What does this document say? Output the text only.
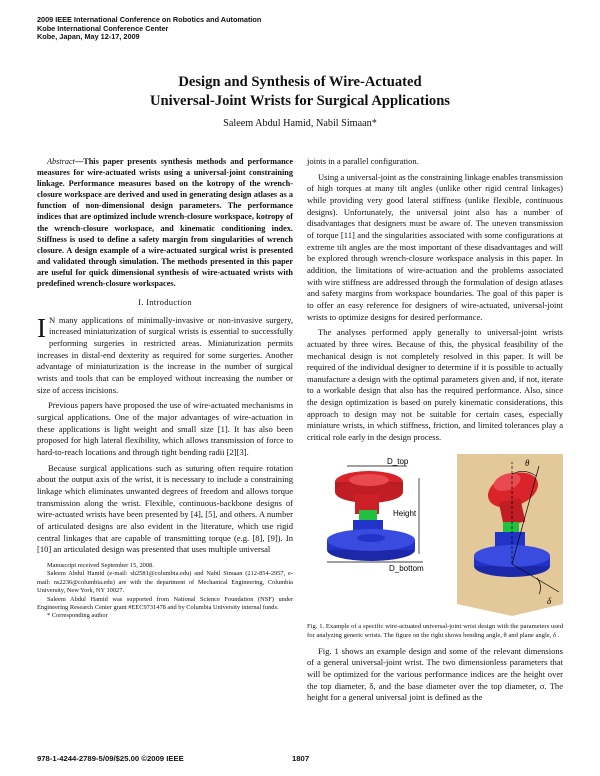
2009 IEEE International Conference on Robotics and Automation
Kobe International Conference Center
Kobe, Japan, May 12-17, 2009
Design and Synthesis of Wire-Actuated
Universal-Joint Wrists for Surgical Applications
Saleem Abdul Hamid, Nabil Simaan*
Abstract—This paper presents synthesis methods and performance measures for wire-actuated wrists using a universal-joint constraining linkage. Performance measures based on the kotropy of the wrench-closure workspace are derived and used in generating design atlases as a function of non-dimensional design parameters. The performance indices that are optimized include wrench-closure workspace, kotropy of the wrench-closure workspace, and kinematic conditioning index. Stiffness is used to define a safety margin from singularities of wrench closure. A design example of a wire-actuated surgical wrist is presented and validated through simulation. The methods presented in this paper are useful for quick dimensional synthesis of wire-actuated wrists with predefined wrench-closure workspaces.
I. Introduction

I N many applications of minimally-invasive or non-invasive surgery, increased miniaturization of surgical wrists is essential to successfully performing surgeries in restricted areas. Miniaturization permits increases in distal-end dexterity as required for some surgeries. Another advantage of miniaturization is the increase in the number of surgical wrists and tools that can be employed without increasing the number or size of access incisions.

Previous papers have proposed the use of wire-actuated mechanisms in surgical applications. One of the major advantages of wire-actuation in these applications is light weight and small size [1]. It has also been proposed for high lateral flexibility, which allows transmission of force to hard-to-reach locations and through tight bending radii [2][3].

Because surgical applications such as suturing often require rotation about the output axis of the wrist, it is necessary to include a constraining linkage which eliminates unwanted degrees of freedom and allows torque transmission along the wrist. Flexible, continuous-backbone designs of wire-actuated wrists have been presented by [4], [5], and others. A number of articulated designs are also evident in the literature, which use rigid central linkages that are capable of transmitting torque (e.g. [8], [9]). In [10] an articulated design was presented that uses multiple universal

Manuscript received September 15, 2008.

Saleem Abdul Hamid (e-mail: sh2581@columbia.edu) and Nabil Simaan (212-854-2957, e-mail: ns2236@columbia.edu) are with the department of Mechanical Engineering, Columbia University, New York, NY 10027.

Saleem Abdul Hamid was supported from National Science Foundation (NSF) under Engineering Research Center grant #EEC9731478 and by Columbia University internal funds.

* Corresponding author

joints in a parallel configuration.

Using a universal-joint as the constraining linkage enables transmission of high torques at many tilt angles (unlike other rigid central linkages) while providing very good lateral stiffness (unlike flexible, continuous designs). Unfortunately, the universal joint also has a number of disadvantages that designers must be aware of. The uneven transmission of torque [11] and the singularities associated with some configurations at extreme tilt angles are the most important of these disadvantages and will be explored through wrench-closure workspace analysis in this paper. In addition, the limitations of wire-actuation and the problems associated with wire stiffness are addressed through the formulation of design atlases and safety margins from workspace boundaries. The goal of this paper is to offer an easy reference for designers of wire-actuated, universal-joint wrists to optimize designs for desired performance.

The analyses performed apply generally to universal-joint wrists actuated by three wires. Because of this, the physical feasibility of the mechanical design is not completely resolved in this paper. It will be required of the individual designer to determine if it is possible to actually manufacture a design with the optimal parameters given and, if not, iterate to a workable design that also has the required performance. Also, since the design optimization is based on purely kinematic considerations, this approach to design may not be suitable for certain cases, especially miniature wrists, in which stiffness, friction, and limited tolerances play a critical role early in the design process.

D_top
Height
D_bottom
θ
δ
Fig. 1. Example of a specific wire-actuated universal-joint wrist design with the parameters used for analyzing generic wrists. The figure on the right shows bending angle, θ and plane angle, δ .

Fig. 1 shows an example design and some of the relevant dimensions of a general universal-joint wrist. The two dimensionless parameters that will be optimized for the various performance indices are the height over the top diameter, δ, and the base diameter over the top diameter, σ. The height for a general universal joint is defined as the

978-1-4244-2789-5/09/$25.00 ©2009 IEEE	1807
